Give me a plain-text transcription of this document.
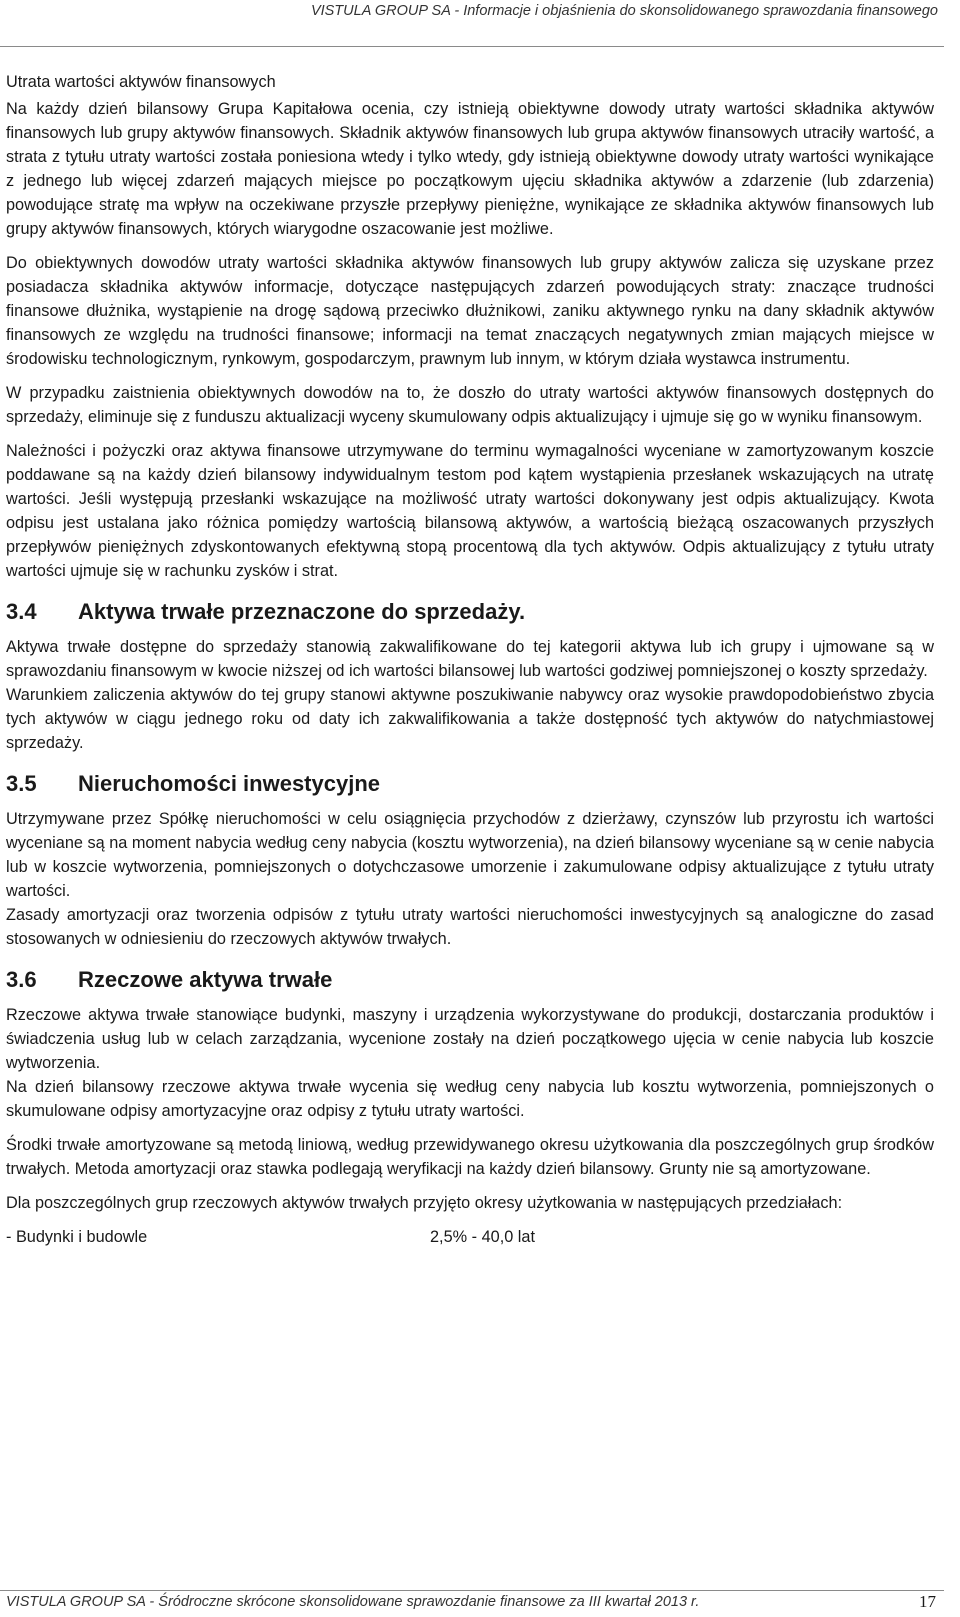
VISTULA GROUP SA - Informacje i objaśnienia do skonsolidowanego sprawozdania finansowego
Utrata wartości aktywów finansowych

Na każdy dzień bilansowy Grupa Kapitałowa ocenia, czy istnieją obiektywne dowody utraty wartości składnika aktywów finansowych lub grupy aktywów finansowych. Składnik aktywów finansowych lub grupa aktywów finansowych utraciły wartość, a strata z tytułu utraty wartości została poniesiona wtedy i tylko wtedy, gdy istnieją obiektywne dowody utraty wartości wynikające z jednego lub więcej zdarzeń mających miejsce po początkowym ujęciu składnika aktywów a zdarzenie (lub zdarzenia) powodujące stratę ma wpływ na oczekiwane przyszłe przepływy pieniężne, wynikające ze składnika aktywów finansowych lub grupy aktywów finansowych, których wiarygodne oszacowanie jest możliwe.

Do obiektywnych dowodów utraty wartości składnika aktywów finansowych lub grupy aktywów zalicza się uzyskane przez posiadacza składnika aktywów informacje, dotyczące następujących zdarzeń powodujących straty: znaczące trudności finansowe dłużnika, wystąpienie na drogę sądową przeciwko dłużnikowi, zaniku aktywnego rynku na dany składnik aktywów finansowych ze względu na trudności finansowe; informacji na temat znaczących negatywnych zmian mających miejsce w środowisku technologicznym, rynkowym, gospodarczym, prawnym lub innym, w którym działa wystawca instrumentu.

W przypadku zaistnienia obiektywnych dowodów na to, że doszło do utraty wartości aktywów finansowych dostępnych do sprzedaży, eliminuje się z funduszu aktualizacji wyceny skumulowany odpis aktualizujący i ujmuje się go w wyniku finansowym.

Należności i pożyczki oraz aktywa finansowe utrzymywane do terminu wymagalności wyceniane w zamortyzowanym koszcie poddawane są na każdy dzień bilansowy indywidualnym testom pod kątem wystąpienia przesłanek wskazujących na utratę wartości. Jeśli występują przesłanki wskazujące na możliwość utraty wartości dokonywany jest odpis aktualizujący. Kwota odpisu jest ustalana jako różnica pomiędzy wartością bilansową aktywów, a wartością bieżącą oszacowanych przyszłych przepływów pieniężnych zdyskontowanych efektywną stopą procentową dla tych aktywów. Odpis aktualizujący z tytułu utraty wartości ujmuje się w rachunku zysków i strat.

3.4	Aktywa trwałe przeznaczone do sprzedaży.

Aktywa trwałe dostępne do sprzedaży stanowią zakwalifikowane do tej kategorii aktywa lub ich grupy i ujmowane są w sprawozdaniu finansowym w kwocie niższej od ich wartości bilansowej lub wartości godziwej pomniejszonej o koszty sprzedaży.

Warunkiem zaliczenia aktywów do tej grupy stanowi aktywne poszukiwanie nabywcy oraz wysokie prawdopodobieństwo zbycia tych aktywów w ciągu jednego roku od daty ich zakwalifikowania a także dostępność tych aktywów do natychmiastowej sprzedaży.

3.5	Nieruchomości inwestycyjne

Utrzymywane przez Spółkę nieruchomości w celu osiągnięcia przychodów z dzierżawy, czynszów lub przyrostu ich wartości wyceniane są na moment nabycia według ceny nabycia (kosztu wytworzenia), na dzień bilansowy wyceniane są w cenie nabycia lub w koszcie wytworzenia, pomniejszonych o dotychczasowe umorzenie i zakumulowane odpisy aktualizujące z tytułu utraty wartości.

Zasady amortyzacji oraz tworzenia odpisów z tytułu utraty wartości nieruchomości inwestycyjnych są analogiczne do zasad stosowanych w odniesieniu do rzeczowych aktywów trwałych.

3.6	Rzeczowe aktywa trwałe

Rzeczowe aktywa trwałe stanowiące budynki, maszyny i urządzenia wykorzystywane do produkcji, dostarczania produktów i świadczenia usług lub w celach zarządzania, wycenione zostały na dzień początkowego ujęcia w cenie nabycia lub koszcie wytworzenia.

Na dzień bilansowy rzeczowe aktywa trwałe wycenia się według ceny nabycia lub kosztu wytworzenia, pomniejszonych o skumulowane odpisy amortyzacyjne oraz odpisy z tytułu utraty wartości.

Środki trwałe amortyzowane są metodą liniową, według przewidywanego okresu użytkowania dla poszczególnych grup środków trwałych. Metoda amortyzacji oraz stawka podlegają weryfikacji na każdy dzień bilansowy. Grunty nie są amortyzowane.

Dla poszczególnych grup rzeczowych aktywów trwałych przyjęto okresy użytkowania w następujących przedziałach:

- Budynki i budowle	2,5% - 40,0 lat
VISTULA GROUP SA - Śródroczne skrócone skonsolidowane sprawozdanie finansowe za III kwartał 2013 r.	17
